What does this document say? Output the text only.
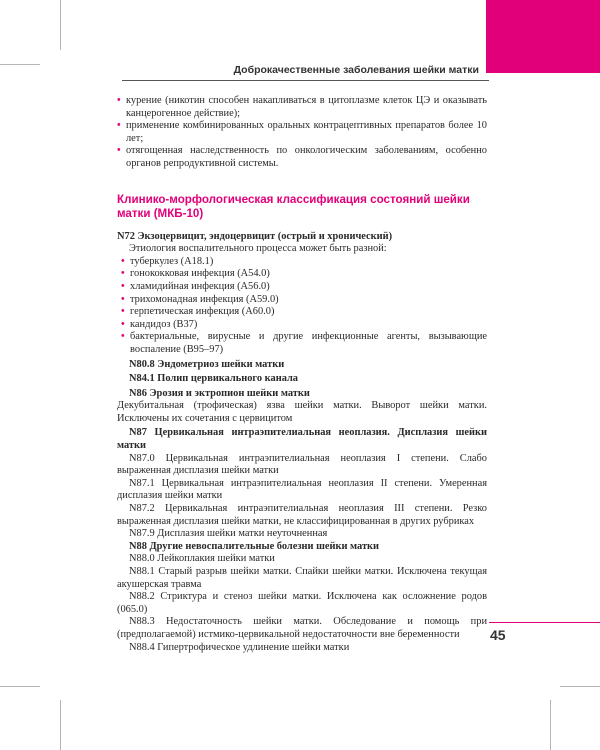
Доброкачественные заболевания шейки матки
• курение (никотин способен накапливаться в цитоплазме клеток ЦЭ и оказывать канцерогенное действие);
• применение комбинированных оральных контрацептивных препаратов более 10 лет;
• отягощенная наследственность по онкологическим заболеваниям, особенно органов репродуктивной системы.
Клинико-морфологическая классификация состояний шейки матки (МКБ-10)

N72 Экзоцервицит, эндоцервицит (острый и хронический)

Этиология воспалительного процесса может быть разной:

• туберкулез (А18.1)
• гонококковая инфекция (А54.0)
• хламидийная инфекция (А56.0)
• трихомонадная инфекция (А59.0)
• герпетическая инфекция (А60.0)
• кандидоз (В37)
• бактериальные, вирусные и другие инфекционные агенты, вызывающие воспаление (В95–97)

N80.8 Эндометриоз шейки матки

N84.1 Полип цервикального канала

N86 Эрозия и эктропион шейки матки

Декубитальная (трофическая) язва шейки матки. Выворот шейки матки. Исключены их сочетания с цервицитом

N87 Цервикальная интраэпителиальная неоплазия. Дисплазия шейки матки

N87.0 Цервикальная интраэпителиальная неоплазия I степени. Слабо выраженная дисплазия шейки матки

N87.1 Цервикальная интраэпителиальная неоплазия II степени. Умеренная дисплазия шейки матки

N87.2 Цервикальная интраэпителиальная неоплазия III степени. Резко выраженная дисплазия шейки матки, не классифицированная в других рубриках

N87.9 Дисплазия шейки матки неуточненная

N88 Другие невоспалительные болезни шейки матки

N88.0 Лейкоплакия шейки матки

N88.1 Старый разрыв шейки матки. Спайки шейки матки. Исключена текущая акушерская травма

N88.2 Стриктура и стеноз шейки матки. Исключена как осложнение родов (065.0)

N88.3 Недостаточность шейки матки. Обследование и помощь при (предполагаемой) истмико-цервикальной недостаточности вне беременности

N88.4 Гипертрофическое удлинение шейки матки

45
